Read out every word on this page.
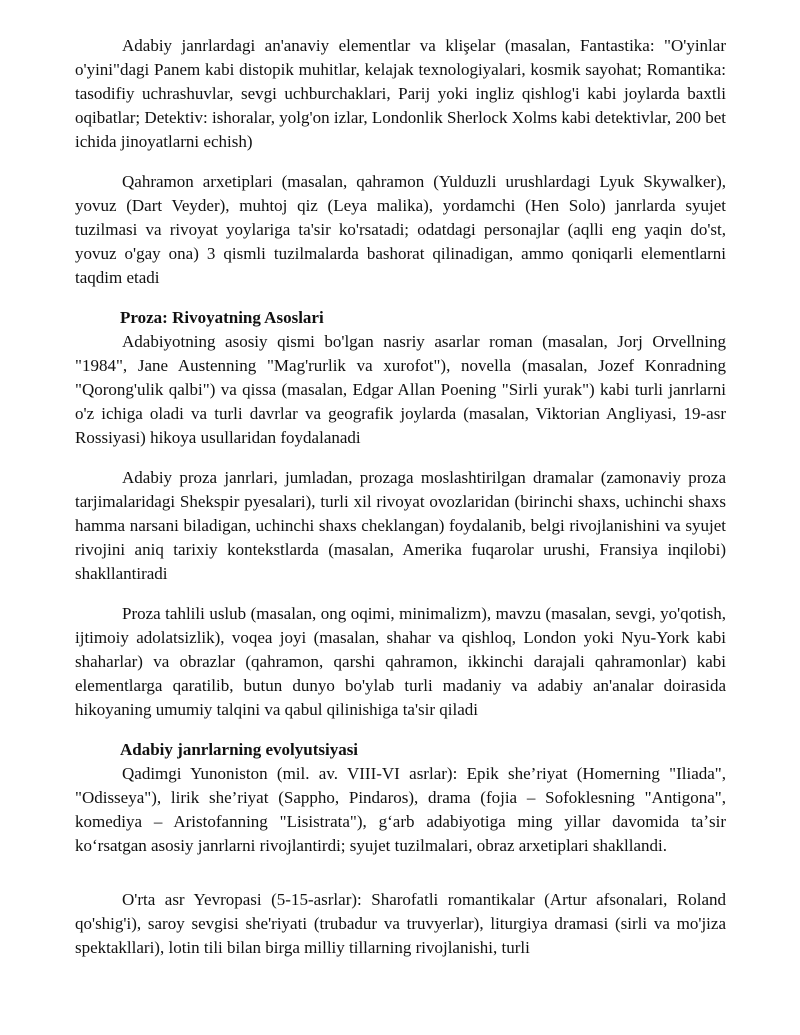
Adabiy janrlardagi an'anaviy elementlar va klişelar (masalan, Fantastika: "O'yinlar o'yini"dagi Panem kabi distopik muhitlar, kelajak texnologiyalari, kosmik sayohat; Romantika: tasodifiy uchrashuvlar, sevgi uchburchaklari, Parij yoki ingliz qishlog'i kabi joylarda baxtli oqibatlar; Detektiv: ishoralar, yolg'on izlar, Londonlik Sherlock Xolms kabi detektivlar, 200 bet ichida jinoyatlarni echish)

Qahramon arxetiplari (masalan, qahramon (Yulduzli urushlardagi Lyuk Skywalker), yovuz (Dart Veyder), muhtoj qiz (Leya malika), yordamchi (Hen Solo) janrlarda syujet tuzilmasi va rivoyat yoylariga ta'sir ko'rsatadi; odatdagi personajlar (aqlli eng yaqin do'st, yovuz o'gay ona) 3 qismli tuzilmalarda bashorat qilinadigan, ammo qoniqarli elementlarni taqdim etadi

Proza: Rivoyatning Asoslari

Adabiyotning asosiy qismi bo'lgan nasriy asarlar roman (masalan, Jorj Orvellning "1984", Jane Austenning "Mag'rurlik va xurofot"), novella (masalan, Jozef Konradning "Qorong'ulik qalbi") va qissa (masalan, Edgar Allan Poening "Sirli yurak") kabi turli janrlarni o'z ichiga oladi va turli davrlar va geografik joylarda (masalan, Viktorian Angliyasi, 19-asr Rossiyasi) hikoya usullaridan foydalanadi

Adabiy proza janrlari, jumladan, prozaga moslashtirilgan dramalar (zamonaviy proza tarjimalaridagi Shekspir pyesalari), turli xil rivoyat ovozlaridan (birinchi shaxs, uchinchi shaxs hamma narsani biladigan, uchinchi shaxs cheklangan) foydalanib, belgi rivojlanishini va syujet rivojini aniq tarixiy kontekstlarda (masalan, Amerika fuqarolar urushi, Fransiya inqilobi) shakllantiradi

Proza tahlili uslub (masalan, ong oqimi, minimalizm), mavzu (masalan, sevgi, yo'qotish, ijtimoiy adolatsizlik), voqea joyi (masalan, shahar va qishloq, London yoki Nyu-York kabi shaharlar) va obrazlar (qahramon, qarshi qahramon, ikkinchi darajali qahramonlar) kabi elementlarga qaratilib, butun dunyo bo'ylab turli madaniy va adabiy an'analar doirasida hikoyaning umumiy talqini va qabul qilinishiga ta'sir qiladi

Adabiy janrlarning evolyutsiyasi

Qadimgi Yunoniston (mil. av. VIII-VI asrlar): Epik she’riyat (Homerning "Iliada", "Odisseya"), lirik she’riyat (Sappho, Pindaros), drama (fojia – Sofoklesning "Antigona", komediya – Aristofanning "Lisistrata"), gʻarb adabiyotiga ming yillar davomida taʼsir koʻrsatgan asosiy janrlarni rivojlantirdi; syujet tuzilmalari, obraz arxetiplari shakllandi.

O'rta asr Yevropasi (5-15-asrlar): Sharofatli romantikalar (Artur afsonalari, Roland qo'shig'i), saroy sevgisi she'riyati (trubadur va truvyerlar), liturgiya dramasi (sirli va mo'jiza spektakllari), lotin tili bilan birga milliy tillarning rivojlanishi, turli
